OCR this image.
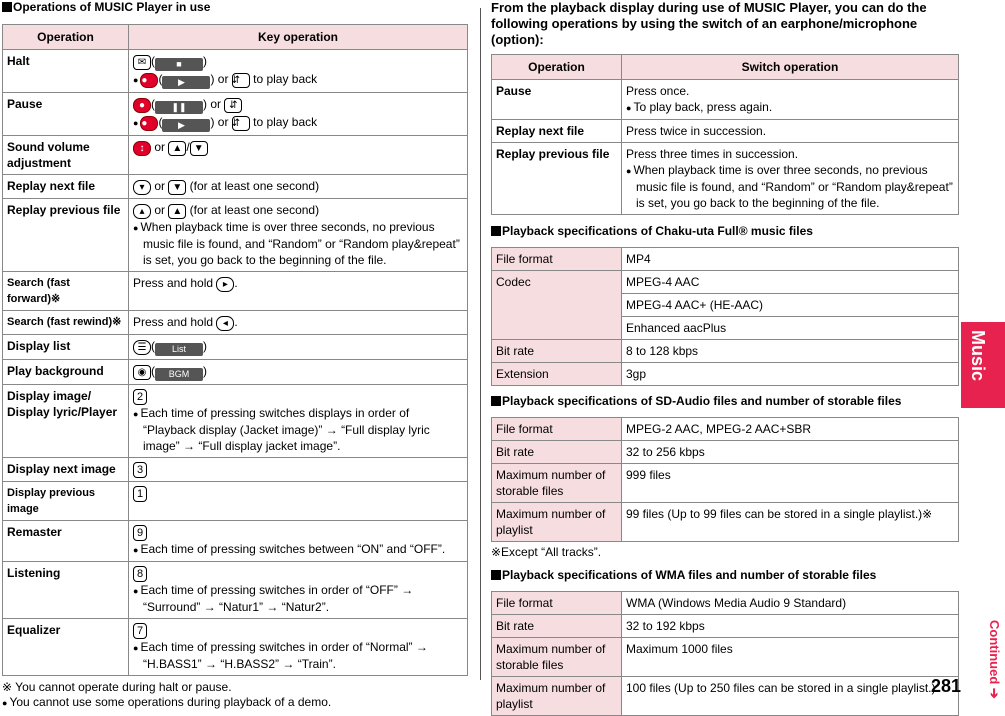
Operations of MUSIC Player in use

Operation	Key operation
Halt	✉ ( ■ )
● ● ( ▶ ) or ⇵ to play back

Pause	● ( ❚❚ ) or ⇵
● ● ( ▶ ) or ⇵ to play back

Sound volume adjustment	↕ or ▲ / ▼
Replay next file	▾ or ▼ (for at least one second)
Replay previous file	▴ or ▲ (for at least one second)
● When playback time is over three seconds, no previous music file is found, and “Random” or “Random play&repeat” is set, you go back to the beginning of the file.

Search (fast forward)※	Press and hold ▸ .
Search (fast rewind)※	Press and hold ◂ .
Display list	☰ ( List )
Play background	◉ ( BGM )
Display image/ Display lyric/Player	2
● Each time of pressing switches displays in order of “Playback display (Jacket image)” → “Full display lyric image” → “Full display jacket image”.

Display next image	3
Display previous image	1
Remaster	9
● Each time of pressing switches between “ON” and “OFF”.

Listening	8
● Each time of pressing switches in order of “OFF” → “Surround” → “Natur1” → “Natur2”.

Equalizer	7
● Each time of pressing switches in order of “Normal” → “H.BASS1” → “H.BASS2” → “Train”.
※ You cannot operate during halt or pause.
● You cannot use some operations during playback of a demo.

From the playback display during use of MUSIC Player, you can do the following operations by using the switch of an earphone/microphone (option):

Operation	Switch operation
Pause	Press once.
● To play back, press again.

Replay next file	Press twice in succession.
Replay previous file	Press three times in succession.
● When playback time is over three seconds, no previous music file is found, and “Random” or “Random play&repeat” is set, you go back to the beginning of the file.

Playback specifications of Chaku-uta Full® music files

File format	MP4
Codec	MPEG-4 AAC
	MPEG-4 AAC+ (HE-AAC)
	Enhanced aacPlus
Bit rate	8 to 128 kbps
Extension	3gp

Playback specifications of SD-Audio files and number of storable files

File format	MPEG-2 AAC, MPEG-2 AAC+SBR
Bit rate	32 to 256 kbps
Maximum number of storable files	999 files
Maximum number of playlist	99 files (Up to 99 files can be stored in a single playlist.)※
※Except “All tracks”.

Playback specifications of WMA files and number of storable files

File format	WMA (Windows Media Audio 9 Standard)
Bit rate	32 to 192 kbps
Maximum number of storable files	Maximum 1000 files
Maximum number of playlist	100 files (Up to 250 files can be stored in a single playlist.)
Music
Continued ➔
281
